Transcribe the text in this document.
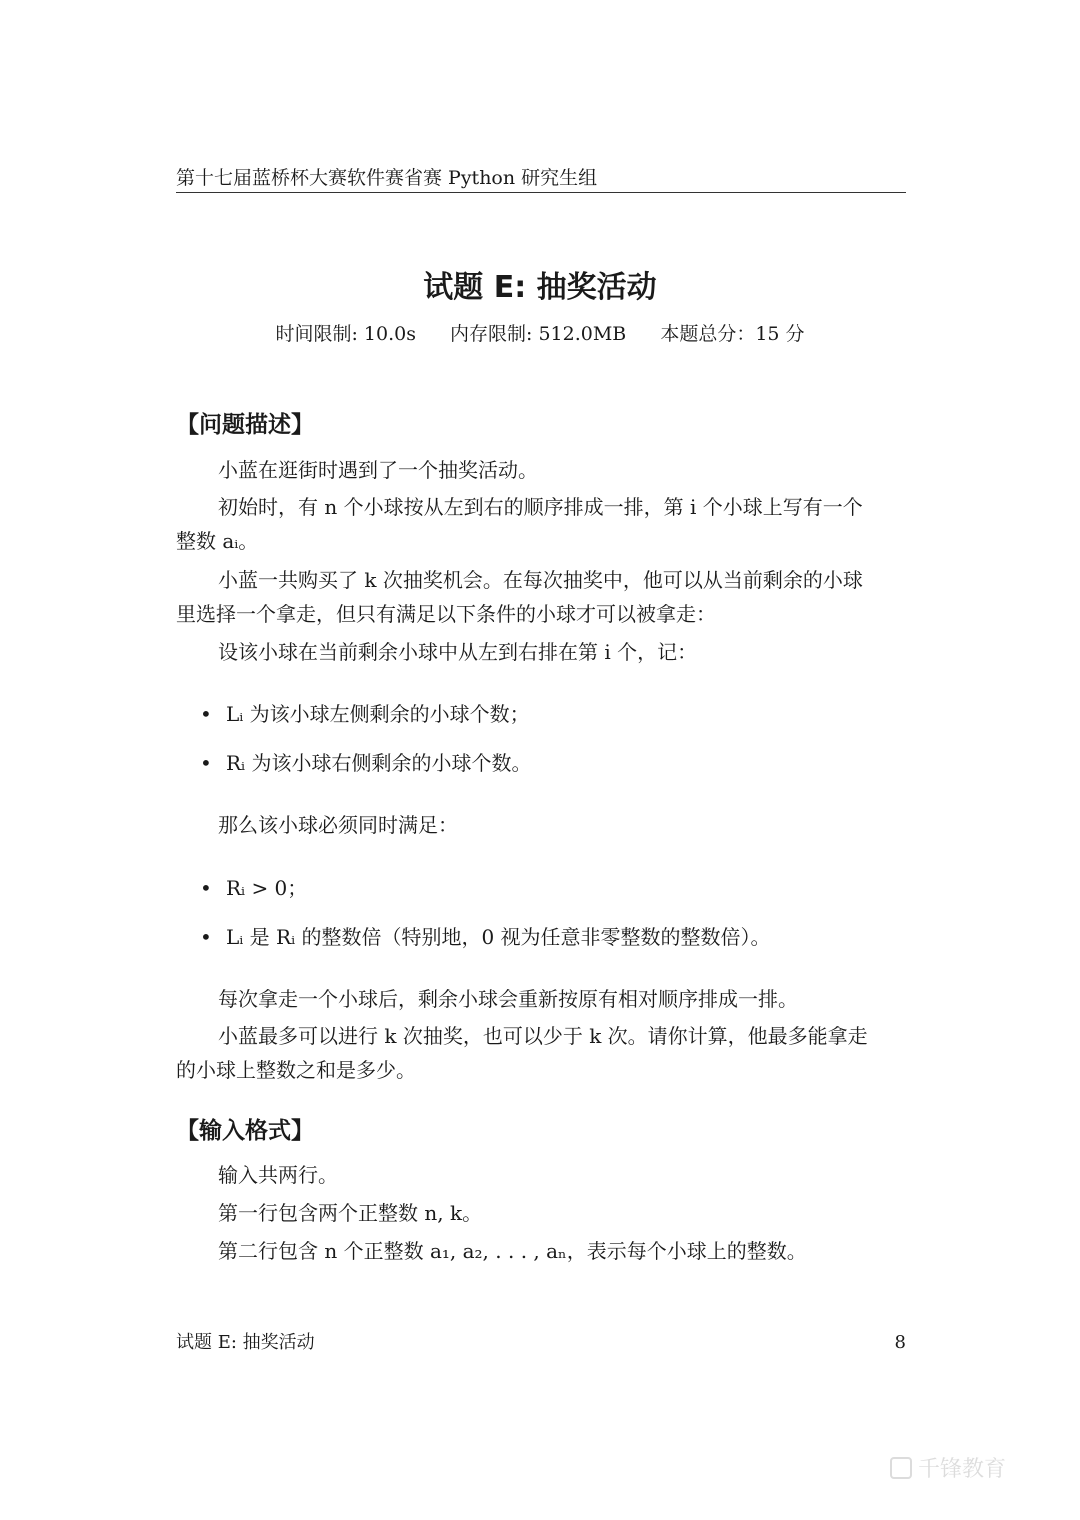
第十七届蓝桥杯大赛软件赛省赛 Python 研究生组
试题 E: 抽奖活动
时间限制: 10.0s 内存限制: 512.0MB 本题总分：15 分
【问题描述】
小蓝在逛街时遇到了一个抽奖活动。
初始时，有 n 个小球按从左到右的顺序排成一排，第 i 个小球上写有一个
整数 aᵢ。
小蓝一共购买了 k 次抽奖机会。在每次抽奖中，他可以从当前剩余的小球
里选择一个拿走，但只有满足以下条件的小球才可以被拿走：
设该小球在当前剩余小球中从左到右排在第 i 个，记：
• Lᵢ 为该小球左侧剩余的小球个数；
• Rᵢ 为该小球右侧剩余的小球个数。
那么该小球必须同时满足：
• Rᵢ > 0；
• Lᵢ 是 Rᵢ 的整数倍（特别地，0 视为任意非零整数的整数倍）。
每次拿走一个小球后，剩余小球会重新按原有相对顺序排成一排。
小蓝最多可以进行 k 次抽奖，也可以少于 k 次。请你计算，他最多能拿走
的小球上整数之和是多少。
【输入格式】
输入共两行。
第一行包含两个正整数 n, k。
第二行包含 n 个正整数 a₁, a₂, . . . , aₙ，表示每个小球上的整数。
试题 E: 抽奖活动	8
千锋教育
